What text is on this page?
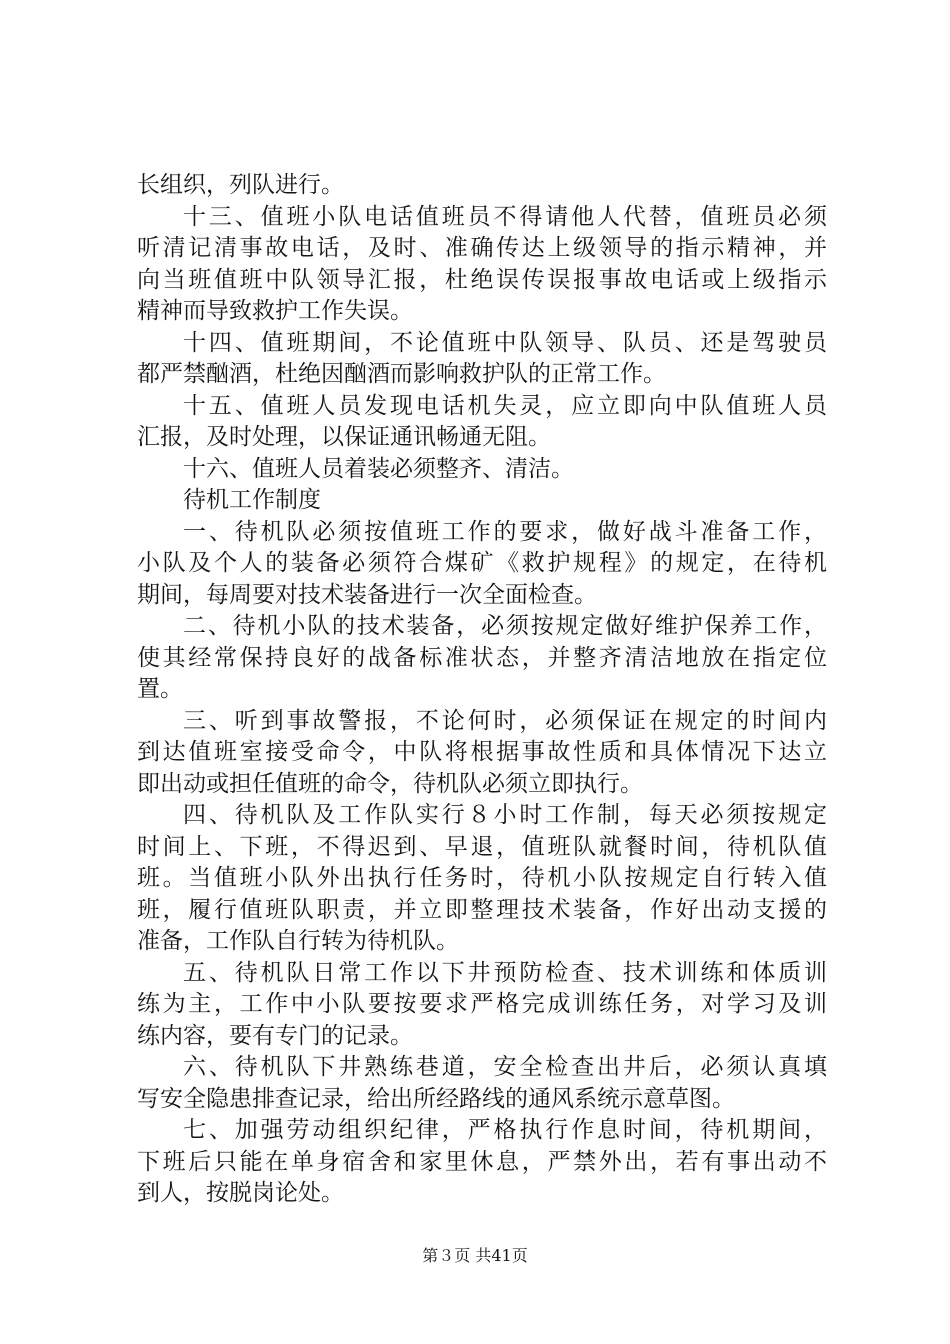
长组织，列队进行。
十三、值班小队电话值班员不得请他人代替，值班员必须
听清记清事故电话，及时、准确传达上级领导的指示精神，并
向当班值班中队领导汇报，杜绝误传误报事故电话或上级指示
精神而导致救护工作失误。
十四、值班期间，不论值班中队领导、队员、还是驾驶员
都严禁酗酒，杜绝因酗酒而影响救护队的正常工作。
十五、值班人员发现电话机失灵，应立即向中队值班人员
汇报，及时处理，以保证通讯畅通无阻。
十六、值班人员着装必须整齐、清洁。
待机工作制度
一、待机队必须按值班工作的要求，做好战斗准备工作，
小队及个人的装备必须符合煤矿《救护规程》的规定，在待机
期间，每周要对技术装备进行一次全面检查。
二、待机小队的技术装备，必须按规定做好维护保养工作，
使其经常保持良好的战备标准状态，并整齐清洁地放在指定位
置。
三、听到事故警报，不论何时，必须保证在规定的时间内
到达值班室接受命令，中队将根据事故性质和具体情况下达立
即出动或担任值班的命令，待机队必须立即执行。
四、待机队及工作队实行８小时工作制，每天必须按规定
时间上、下班，不得迟到、早退，值班队就餐时间，待机队值
班。当值班小队外出执行任务时，待机小队按规定自行转入值
班，履行值班队职责，并立即整理技术装备，作好出动支援的
准备，工作队自行转为待机队。
五、待机队日常工作以下井预防检查、技术训练和体质训
练为主，工作中小队要按要求严格完成训练任务，对学习及训
练内容，要有专门的记录。
六、待机队下井熟练巷道，安全检查出井后，必须认真填
写安全隐患排查记录，给出所经路线的通风系统示意草图。
七、加强劳动组织纪律，严格执行作息时间，待机期间，
下班后只能在单身宿舍和家里休息，严禁外出，若有事出动不
到人，按脱岗论处。
第３页 共41页
